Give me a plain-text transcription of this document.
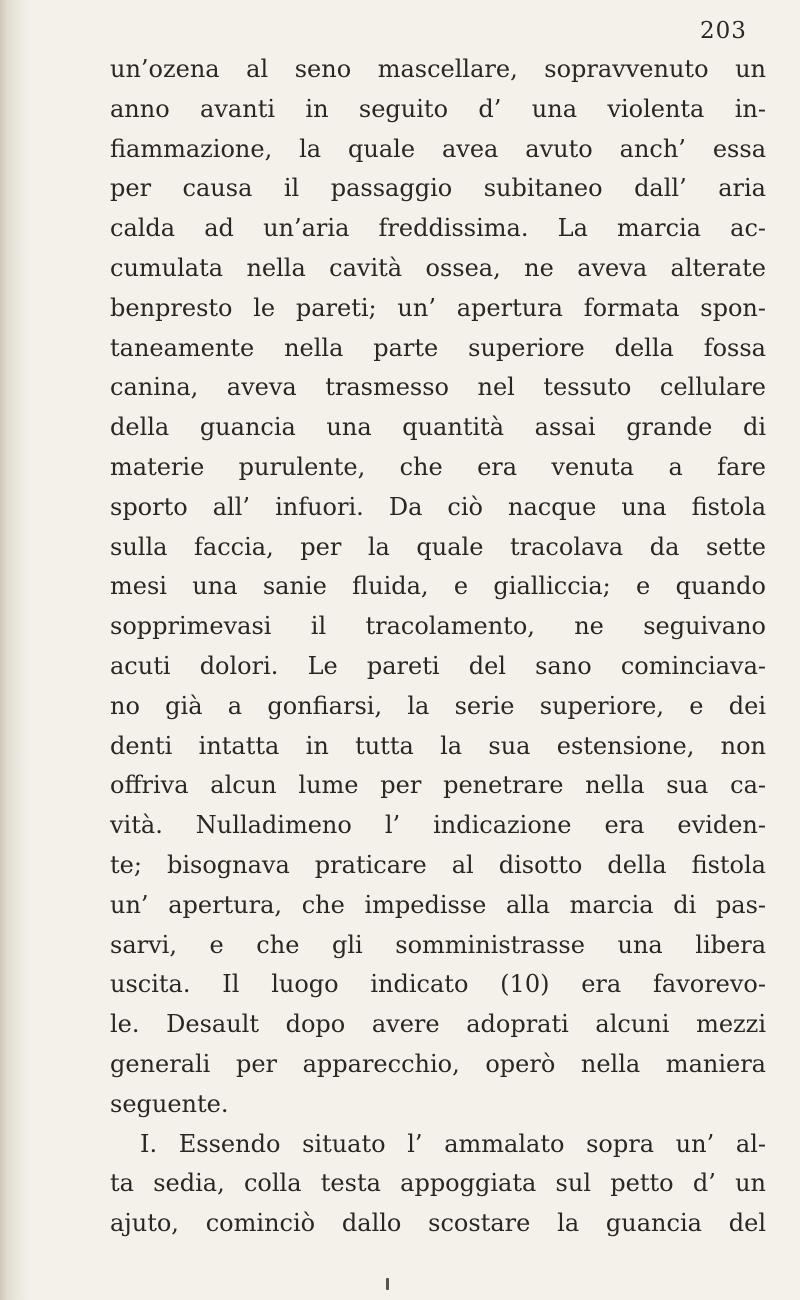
203
un’ozena al seno mascellare, sopravvenuto un
anno avanti in seguito d’ una violenta in-
fiammazione, la quale avea avuto anch’ essa
per causa il passaggio subitaneo dall’ aria
calda ad un’aria freddissima. La marcia ac-
cumulata nella cavità ossea, ne aveva alterate
benpresto le pareti; un’ apertura formata spon-
taneamente nella parte superiore della fossa
canina, aveva trasmesso nel tessuto cellulare
della guancia una quantità assai grande di
materie purulente, che era venuta a fare
sporto all’ infuori. Da ciò nacque una fistola
sulla faccia, per la quale tracolava da sette
mesi una sanie fluida, e gialliccia; e quando
sopprimevasi il tracolamento, ne seguivano
acuti dolori. Le pareti del sano cominciava-
no già a gonfiarsi, la serie superiore, e dei
denti intatta in tutta la sua estensione, non
offriva alcun lume per penetrare nella sua ca-
vità. Nulladimeno l’ indicazione era eviden-
te; bisognava praticare al disotto della fistola
un’ apertura, che impedisse alla marcia di pas-
sarvi, e che gli somministrasse una libera
uscita. Il luogo indicato (10) era favorevo-
le. Desault dopo avere adoprati alcuni mezzi
generali per apparecchio, operò nella maniera
seguente.
I. Essendo situato l’ ammalato sopra un’ al-
ta sedia, colla testa appoggiata sul petto d’ un
ajuto, cominciò dallo scostare la guancia del
